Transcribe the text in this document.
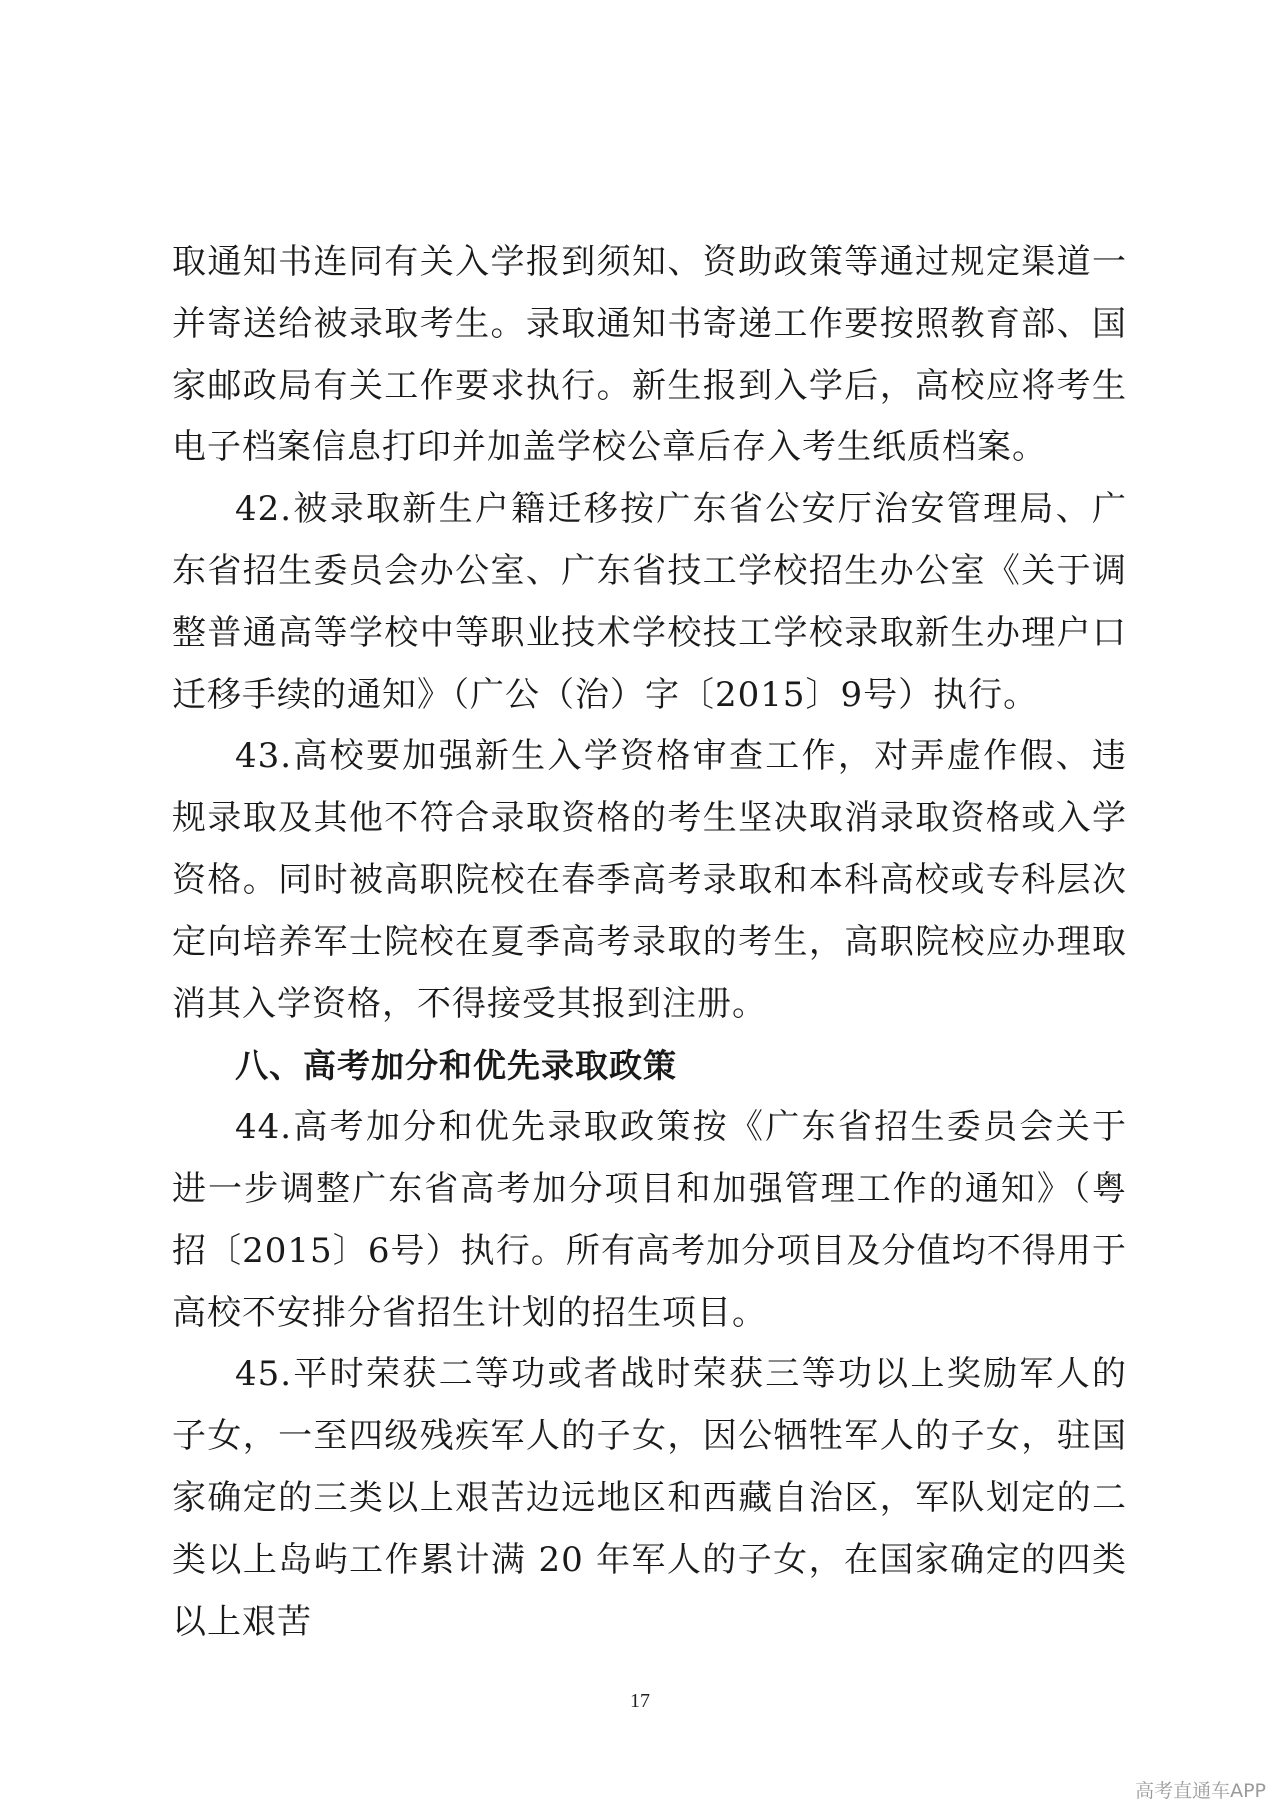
取通知书连同有关入学报到须知、资助政策等通过规定渠道一并寄送给被录取考生。录取通知书寄递工作要按照教育部、国家邮政局有关工作要求执行。新生报到入学后，高校应将考生电子档案信息打印并加盖学校公章后存入考生纸质档案。

42.被录取新生户籍迁移按广东省公安厅治安管理局、广东省招生委员会办公室、广东省技工学校招生办公室《关于调整普通高等学校中等职业技术学校技工学校录取新生办理户口迁移手续的通知》（广公（治）字〔2015〕9号）执行。

43.高校要加强新生入学资格审查工作，对弄虚作假、违规录取及其他不符合录取资格的考生坚决取消录取资格或入学资格。同时被高职院校在春季高考录取和本科高校或专科层次定向培养军士院校在夏季高考录取的考生，高职院校应办理取消其入学资格，不得接受其报到注册。

八、高考加分和优先录取政策

44.高考加分和优先录取政策按《广东省招生委员会关于进一步调整广东省高考加分项目和加强管理工作的通知》（粤招〔2015〕6号）执行。所有高考加分项目及分值均不得用于高校不安排分省招生计划的招生项目。

45.平时荣获二等功或者战时荣获三等功以上奖励军人的子女，一至四级残疾军人的子女，因公牺牲军人的子女，驻国家确定的三类以上艰苦边远地区和西藏自治区，军队划定的二类以上岛屿工作累计满 20 年军人的子女，在国家确定的四类以上艰苦

17
高考直通车APP
